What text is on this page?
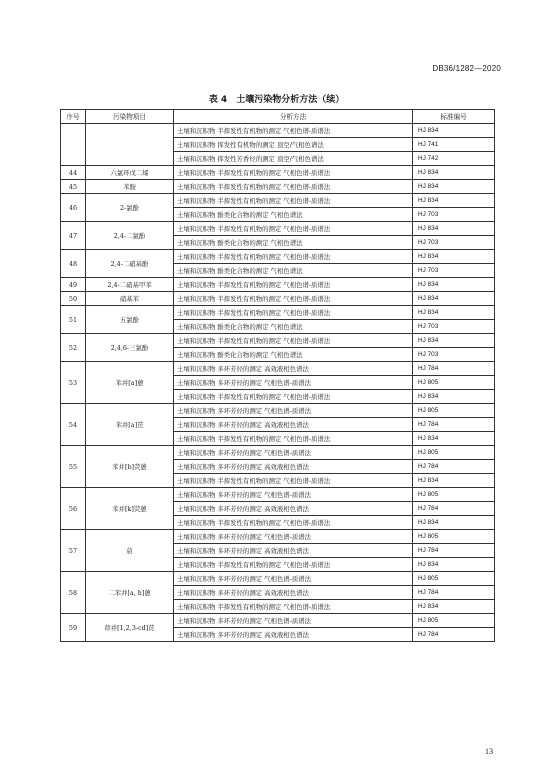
DB36/1282—2020
表 4　土壤污染物分析方法（续）
序号	污染物项目	分析方法	标准编号
		土壤和沉积物 半挥发性有机物的测定 气相色谱-质谱法	HJ 834
		土壤和沉积物 挥发性有机物的测定 顶空/气相色谱法	HJ 741
		土壤和沉积物 挥发性芳香烃的测定 顶空/气相色谱法	HJ 742
44	六氯环戊二烯	土壤和沉积物 半挥发性有机物的测定 气相色谱-质谱法	HJ 834
45	苯胺	土壤和沉积物 半挥发性有机物的测定 气相色谱-质谱法	HJ 834
46	2-氯酚	土壤和沉积物 半挥发性有机物的测定 气相色谱-质谱法	HJ 834
		土壤和沉积物 酚类化合物的测定 气相色谱法	HJ 703
47	2,4-二氯酚	土壤和沉积物 半挥发性有机物的测定 气相色谱-质谱法	HJ 834
		土壤和沉积物 酚类化合物的测定 气相色谱法	HJ 703
48	2,4-二硝基酚	土壤和沉积物 半挥发性有机物的测定 气相色谱-质谱法	HJ 834
		土壤和沉积物 酚类化合物的测定 气相色谱法	HJ 703
49	2,4-二硝基甲苯	土壤和沉积物 半挥发性有机物的测定 气相色谱-质谱法	HJ 834
50	硝基苯	土壤和沉积物 半挥发性有机物的测定 气相色谱-质谱法	HJ 834
51	五氯酚	土壤和沉积物 半挥发性有机物的测定 气相色谱-质谱法	HJ 834
		土壤和沉积物 酚类化合物的测定 气相色谱法	HJ 703
52	2,4,6-三氯酚	土壤和沉积物 半挥发性有机物的测定 气相色谱-质谱法	HJ 834
		土壤和沉积物 酚类化合物的测定 气相色谱法	HJ 703
53	苯并[a]蒽	土壤和沉积物 多环芳烃的测定 高效液相色谱法	HJ 784
		土壤和沉积物 多环芳烃的测定 气相色谱-质谱法	HJ 805
		土壤和沉积物 半挥发性有机物的测定 气相色谱-质谱法	HJ 834
54	苯并[a]芘	土壤和沉积物 多环芳烃的测定 气相色谱-质谱法	HJ 805
		土壤和沉积物 多环芳烃的测定 高效液相色谱法	HJ 784
		土壤和沉积物 半挥发性有机物的测定 气相色谱-质谱法	HJ 834
55	苯并[b]荧蒽	土壤和沉积物 多环芳烃的测定 气相色谱-质谱法	HJ 805
		土壤和沉积物 多环芳烃的测定 高效液相色谱法	HJ 784
		土壤和沉积物 半挥发性有机物的测定 气相色谱-质谱法	HJ 834
56	苯并[k]荧蒽	土壤和沉积物 多环芳烃的测定 气相色谱-质谱法	HJ 805
		土壤和沉积物 多环芳烃的测定 高效液相色谱法	HJ 784
		土壤和沉积物 半挥发性有机物的测定 气相色谱-质谱法	HJ 834
57	䓛	土壤和沉积物 多环芳烃的测定 气相色谱-质谱法	HJ 805
		土壤和沉积物 多环芳烃的测定 高效液相色谱法	HJ 784
		土壤和沉积物 半挥发性有机物的测定 气相色谱-质谱法	HJ 834
58	二苯并[a, h]蒽	土壤和沉积物 多环芳烃的测定 气相色谱-质谱法	HJ 805
		土壤和沉积物 多环芳烃的测定 高效液相色谱法	HJ 784
		土壤和沉积物 半挥发性有机物的测定 气相色谱-质谱法	HJ 834
59	茚并[1,2,3-cd]芘	土壤和沉积物 多环芳烃的测定 气相色谱-质谱法	HJ 805
		土壤和沉积物 多环芳烃的测定 高效液相色谱法	HJ 784
13
